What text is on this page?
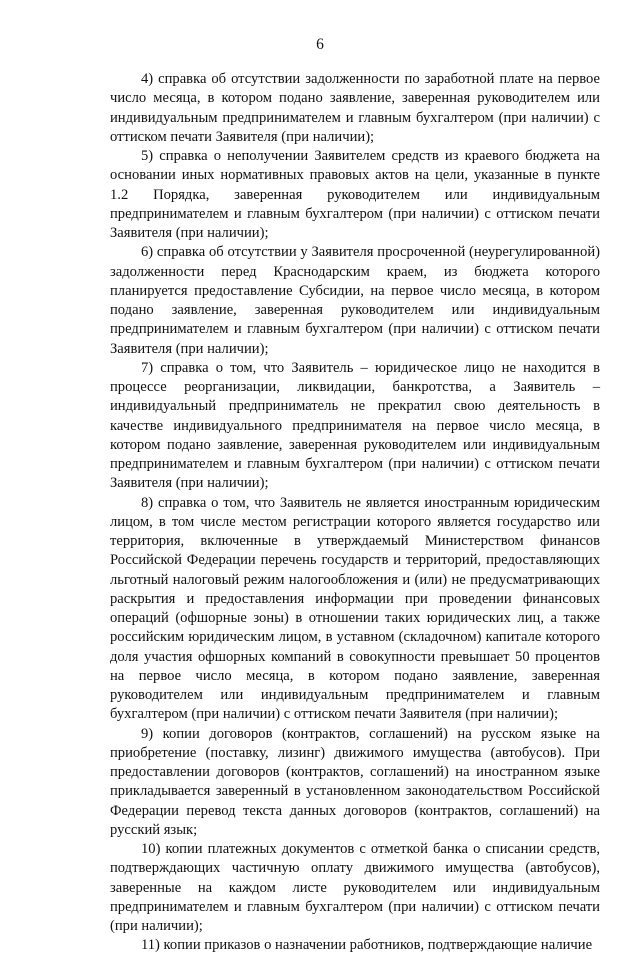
6

4) справка об отсутствии задолженности по заработной плате на первое число месяца, в котором подано заявление, заверенная руководителем или индивидуальным предпринимателем и главным бухгалтером (при наличии) с оттиском печати Заявителя (при наличии);

5) справка о неполучении Заявителем средств из краевого бюджета на основании иных нормативных правовых актов на цели, указанные в пункте 1.2 Порядка, заверенная руководителем или индивидуальным предпринимателем и главным бухгалтером (при наличии) с оттиском печати Заявителя (при наличии);

6) справка об отсутствии у Заявителя просроченной (неурегулированной) задолженности перед Краснодарским краем, из бюджета которого планируется предоставление Субсидии, на первое число месяца, в котором подано заявление, заверенная руководителем или индивидуальным предпринимателем и главным бухгалтером (при наличии) с оттиском печати Заявителя (при наличии);

7) справка о том, что Заявитель – юридическое лицо не находится в процессе реорганизации, ликвидации, банкротства, а Заявитель – индивидуальный предприниматель не прекратил свою деятельность в качестве индивидуального предпринимателя на первое число месяца, в котором подано заявление, заверенная руководителем или индивидуальным предпринимателем и главным бухгалтером (при наличии) с оттиском печати Заявителя (при наличии);

8) справка о том, что Заявитель не является иностранным юридическим лицом, в том числе местом регистрации которого является государство или территория, включенные в утверждаемый Министерством финансов Российской Федерации перечень государств и территорий, предоставляющих льготный налоговый режим налогообложения и (или) не предусматривающих раскрытия и предоставления информации при проведении финансовых операций (офшорные зоны) в отношении таких юридических лиц, а также российским юридическим лицом, в уставном (складочном) капитале которого доля участия офшорных компаний в совокупности превышает 50 процентов на первое число месяца, в котором подано заявление, заверенная руководителем или индивидуальным предпринимателем и главным бухгалтером (при наличии) с оттиском печати Заявителя (при наличии);

9) копии договоров (контрактов, соглашений) на русском языке на приобретение (поставку, лизинг) движимого имущества (автобусов). При предоставлении договоров (контрактов, соглашений) на иностранном языке прикладывается заверенный в установленном законодательством Российской Федерации перевод текста данных договоров (контрактов, соглашений) на русский язык;

10) копии платежных документов с отметкой банка о списании средств, подтверждающих частичную оплату движимого имущества (автобусов), заверенные на каждом листе руководителем или индивидуальным предпринимателем и главным бухгалтером (при наличии) с оттиском печати (при наличии);

11) копии приказов о назначении работников, подтверждающие наличие
